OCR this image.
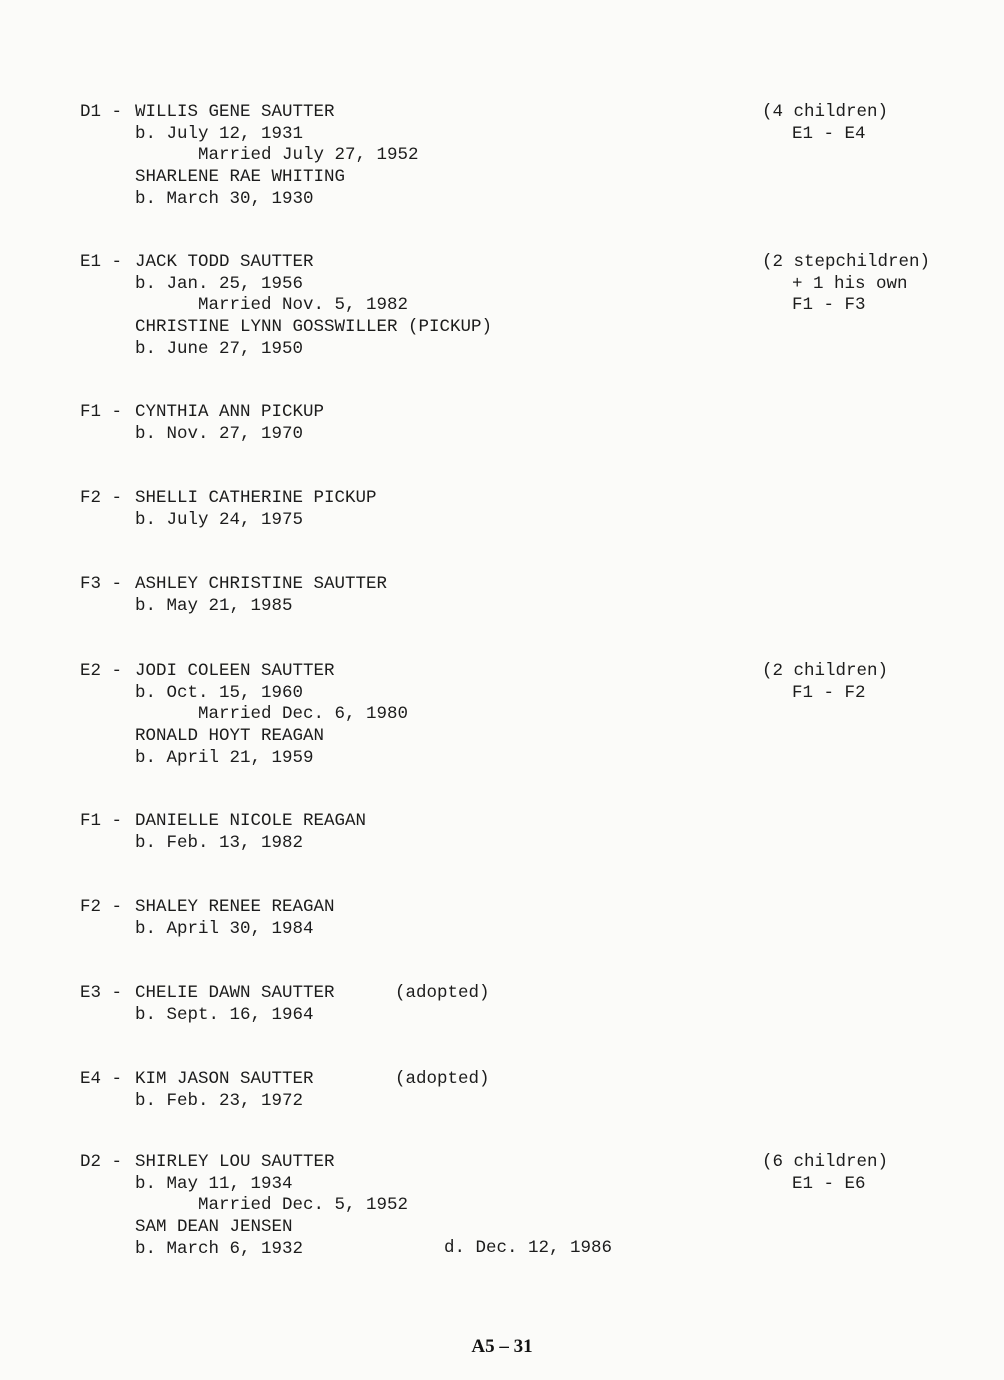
D1 - WILLIS GENE SAUTTER	(4 children)
b. July 12, 1931	E1 - E4
Married July 27, 1952
SHARLENE RAE WHITING
b. March 30, 1930
E1 - JACK TODD SAUTTER	(2 stepchildren)
b. Jan. 25, 1956	+ 1 his own
Married Nov. 5, 1982	F1 - F3
CHRISTINE LYNN GOSSWILLER (PICKUP)
b. June 27, 1950
F1 - CYNTHIA ANN PICKUP
b. Nov. 27, 1970
F2 - SHELLI CATHERINE PICKUP
b. July 24, 1975
F3 - ASHLEY CHRISTINE SAUTTER
b. May 21, 1985
E2 - JODI COLEEN SAUTTER	(2 children)
b. Oct. 15, 1960	F1 - F2
Married Dec. 6, 1980
RONALD HOYT REAGAN
b. April 21, 1959
F1 - DANIELLE NICOLE REAGAN
b. Feb. 13, 1982
F2 - SHALEY RENEE REAGAN
b. April 30, 1984
E3 - CHELIE DAWN SAUTTER	(adopted)
b. Sept. 16, 1964
E4 - KIM JASON SAUTTER	(adopted)
b. Feb. 23, 1972
D2 - SHIRLEY LOU SAUTTER	(6 children)
b. May 11, 1934	E1 - E6
Married Dec. 5, 1952
SAM DEAN JENSEN
b. March 6, 1932	d. Dec. 12, 1986
A5 – 31
